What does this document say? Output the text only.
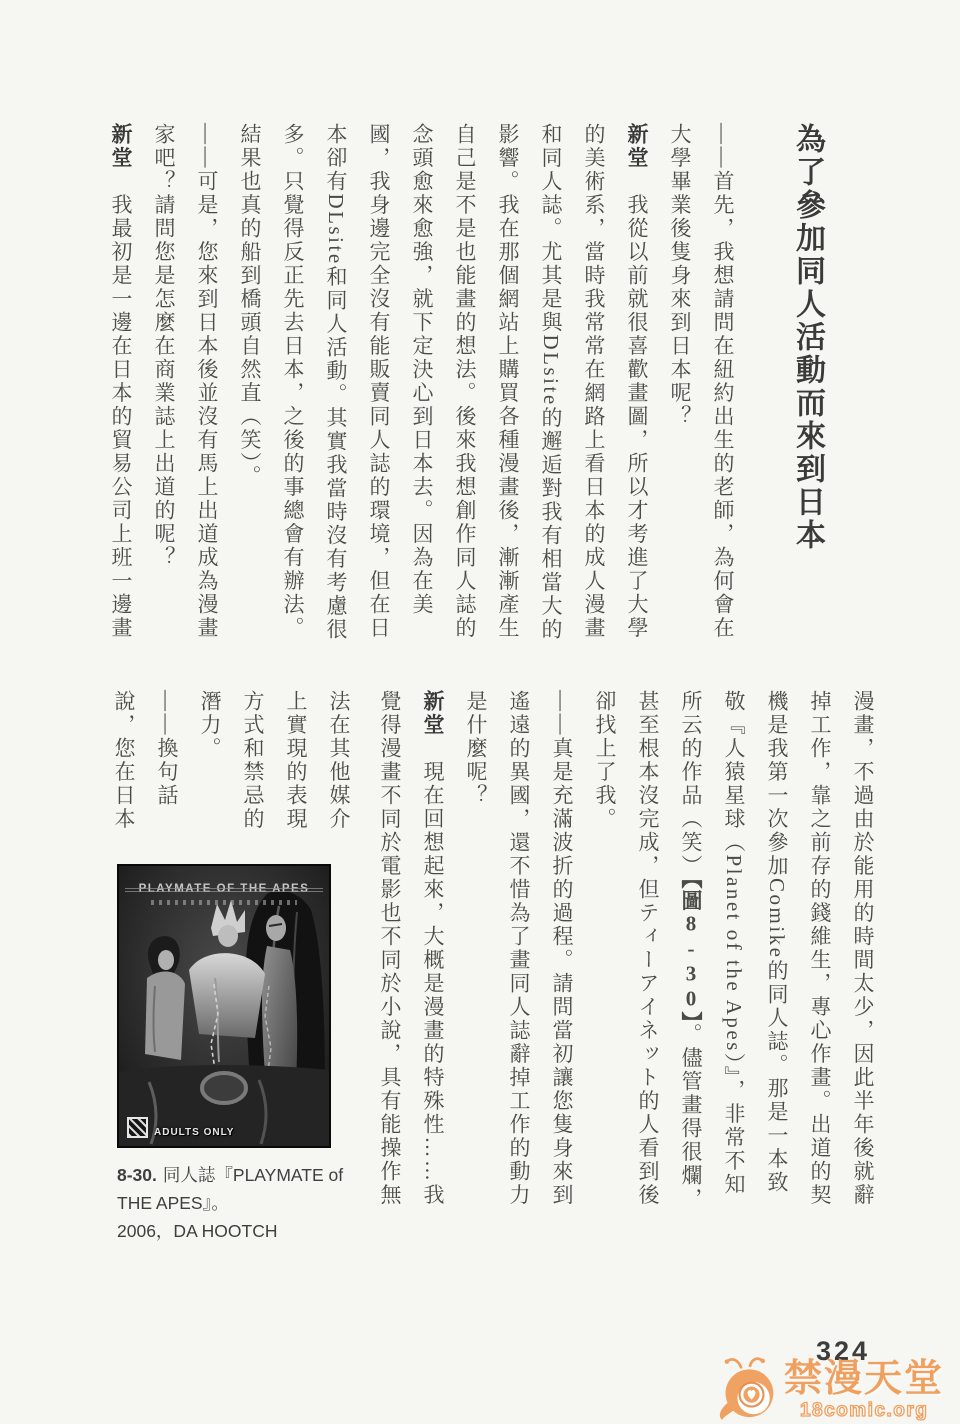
為了參加同人活動而來到日本

——首先，我想請問在紐約出生的老師，為何會在大學畢業後隻身來到日本呢？

新堂　我從以前就很喜歡畫圖，所以才考進了大學的美術系，當時我常常在網路上看日本的成人漫畫和同人誌。尤其是與DLsite的邂逅對我有相當大的影響。我在那個網站上購買各種漫畫後，漸漸產生自己是不是也能畫的想法。後來我想創作同人誌的念頭愈來愈強，就下定決心到日本去。因為在美國，我身邊完全沒有能販賣同人誌的環境，但在日本卻有DLsite和同人活動。其實我當時沒有考慮很多。只覺得反正先去日本，之後的事總會有辦法。結果也真的船到橋頭自然直（笑）。

——可是，您來到日本後並沒有馬上出道成為漫畫家吧？請問您是怎麼在商業誌上出道的呢？

新堂　我最初是一邊在日本的貿易公司上班一邊畫

漫畫，不過由於能用的時間太少，因此半年後就辭掉工作，靠之前存的錢維生，專心作畫。出道的契機是我第一次參加Comike的同人誌。那是一本致敬『人猿星球（Planet of the Apes）』，非常不知所云的作品（笑）【圖8-30】。儘管畫得很爛，甚至根本沒完成，但ティーアイネット的人看到後卻找上了我。

——真是充滿波折的過程。請問當初讓您隻身來到遙遠的異國，還不惜為了畫同人誌辭掉工作的動力是什麼呢？

新堂　現在回想起來，大概是漫畫的特殊性……我覺得漫畫不同於電影也不同於小說，具有能操作無

法在其他媒介上實現的表現方式和禁忌的潛力。

——換句話說，您在日本

PLAYMATE OF THE APES
ADULTS ONLY
8-30. 同人誌『PLAYMATE of THE APES』。
2006，DA HOOTCH
324
禁漫天堂
18comic.org
